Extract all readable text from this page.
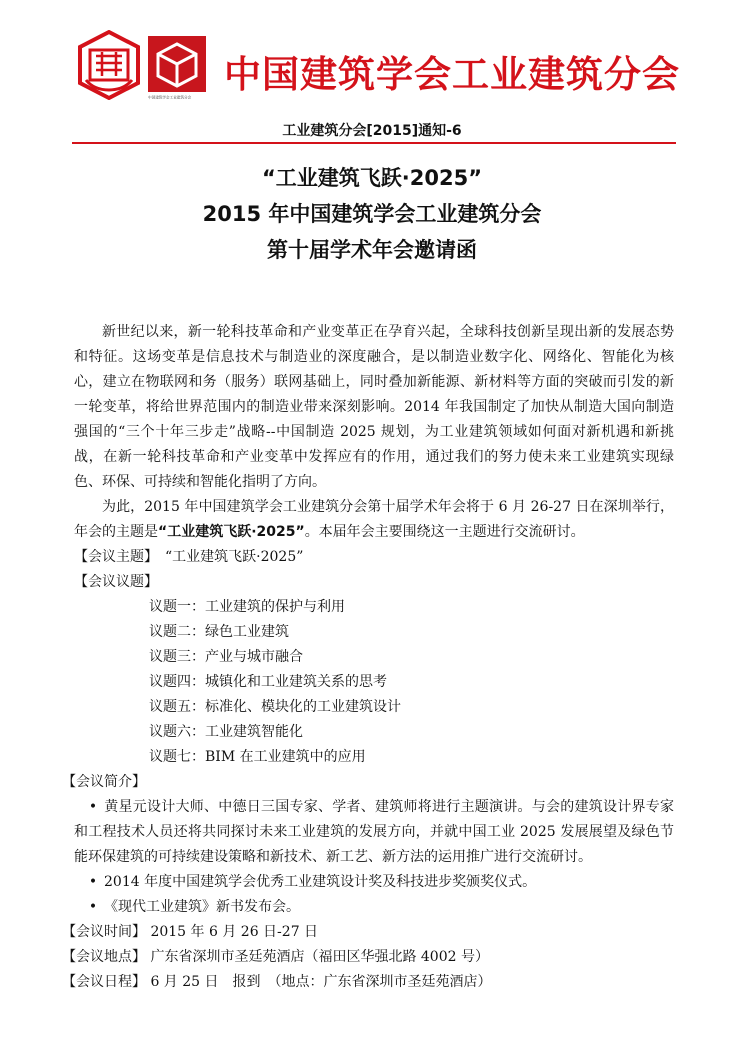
中国建筑学会工业建筑分会
中国建筑学会工业建筑分会
工业建筑分会[2015]通知-6
“工业建筑飞跃·2025”
2015 年中国建筑学会工业建筑分会
第十届学术年会邀请函

新世纪以来，新一轮科技革命和产业变革正在孕育兴起，全球科技创新呈现出新的发展态势和特征。这场变革是信息技术与制造业的深度融合，是以制造业数字化、网络化、智能化为核心，建立在物联网和务（服务）联网基础上，同时叠加新能源、新材料等方面的突破而引发的新一轮变革，将给世界范围内的制造业带来深刻影响。2014 年我国制定了加快从制造大国向制造强国的“三个十年三步走”战略--中国制造 2025 规划，为工业建筑领域如何面对新机遇和新挑战，在新一轮科技革命和产业变革中发挥应有的作用，通过我们的努力使未来工业建筑实现绿色、环保、可持续和智能化指明了方向。

为此，2015 年中国建筑学会工业建筑分会第十届学术年会将于 6 月 26-27 日在深圳举行，年会的主题是“工业建筑飞跃·2025”。本届年会主要围绕这一主题进行交流研讨。

【会议主题】　 “工业建筑飞跃·2025”

【会议议题】

议题一：工业建筑的保护与利用

议题二：绿色工业建筑

议题三：产业与城市融合

议题四：城镇化和工业建筑关系的思考

议题五：标准化、模块化的工业建筑设计

议题六：工业建筑智能化

议题七：BIM 在工业建筑中的应用

【会议简介】

• 黄星元设计大师、中德日三国专家、学者、建筑师将进行主题演讲。与会的建筑设计界专家和工程技术人员还将共同探讨未来工业建筑的发展方向，并就中国工业 2025 发展展望及绿色节能环保建筑的可持续建设策略和新技术、新工艺、新方法的运用推广进行交流研讨。

• 2014 年度中国建筑学会优秀工业建筑设计奖及科技进步奖颁奖仪式。

• 《现代工业建筑》新书发布会。

【会议时间】 2015 年 6 月 26 日-27 日

【会议地点】 广东省深圳市圣廷苑酒店（福田区华强北路 4002 号）

【会议日程】 6 月 25 日　报到　（地点：广东省深圳市圣廷苑酒店）
